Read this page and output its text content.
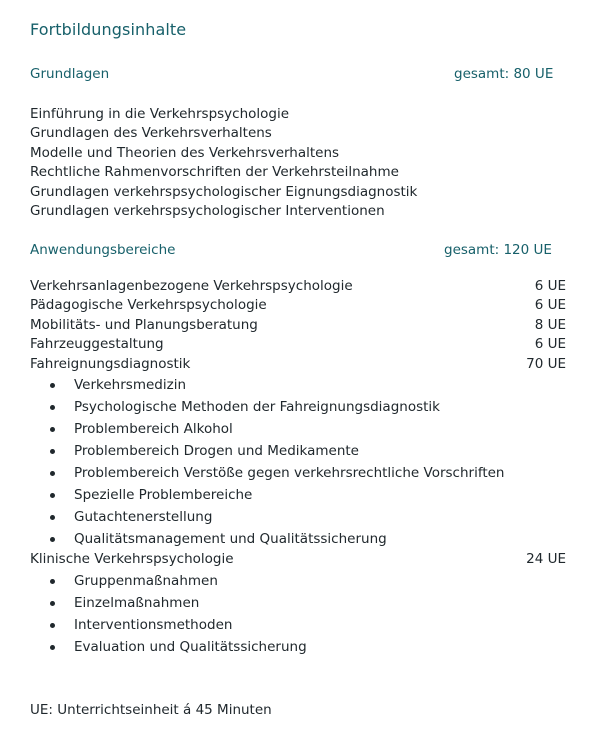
Fortbildungsinhalte
Grundlagen	gesamt: 80 UE
Einführung in die Verkehrspsychologie
Grundlagen des Verkehrsverhaltens
Modelle und Theorien des Verkehrsverhaltens
Rechtliche Rahmenvorschriften der Verkehrsteilnahme
Grundlagen verkehrspsychologischer Eignungsdiagnostik
Grundlagen verkehrspsychologischer Interventionen
Anwendungsbereiche	gesamt: 120 UE
Verkehrsanlagenbezogene Verkehrspsychologie	6 UE
Pädagogische Verkehrspsychologie	6 UE
Mobilitäts- und Planungsberatung	8 UE
Fahrzeuggestaltung	6 UE
Fahreignungsdiagnostik	70 UE
Verkehrsmedizin
Psychologische Methoden der Fahreignungsdiagnostik
Problembereich Alkohol
Problembereich Drogen und Medikamente
Problembereich Verstöße gegen verkehrsrechtliche Vorschriften
Spezielle Problembereiche
Gutachtenerstellung
Qualitätsmanagement und Qualitätssicherung
Klinische Verkehrspsychologie	24 UE
Gruppenmaßnahmen
Einzelmaßnahmen
Interventionsmethoden
Evaluation und Qualitätssicherung
UE: Unterrichtseinheit á 45 Minuten
